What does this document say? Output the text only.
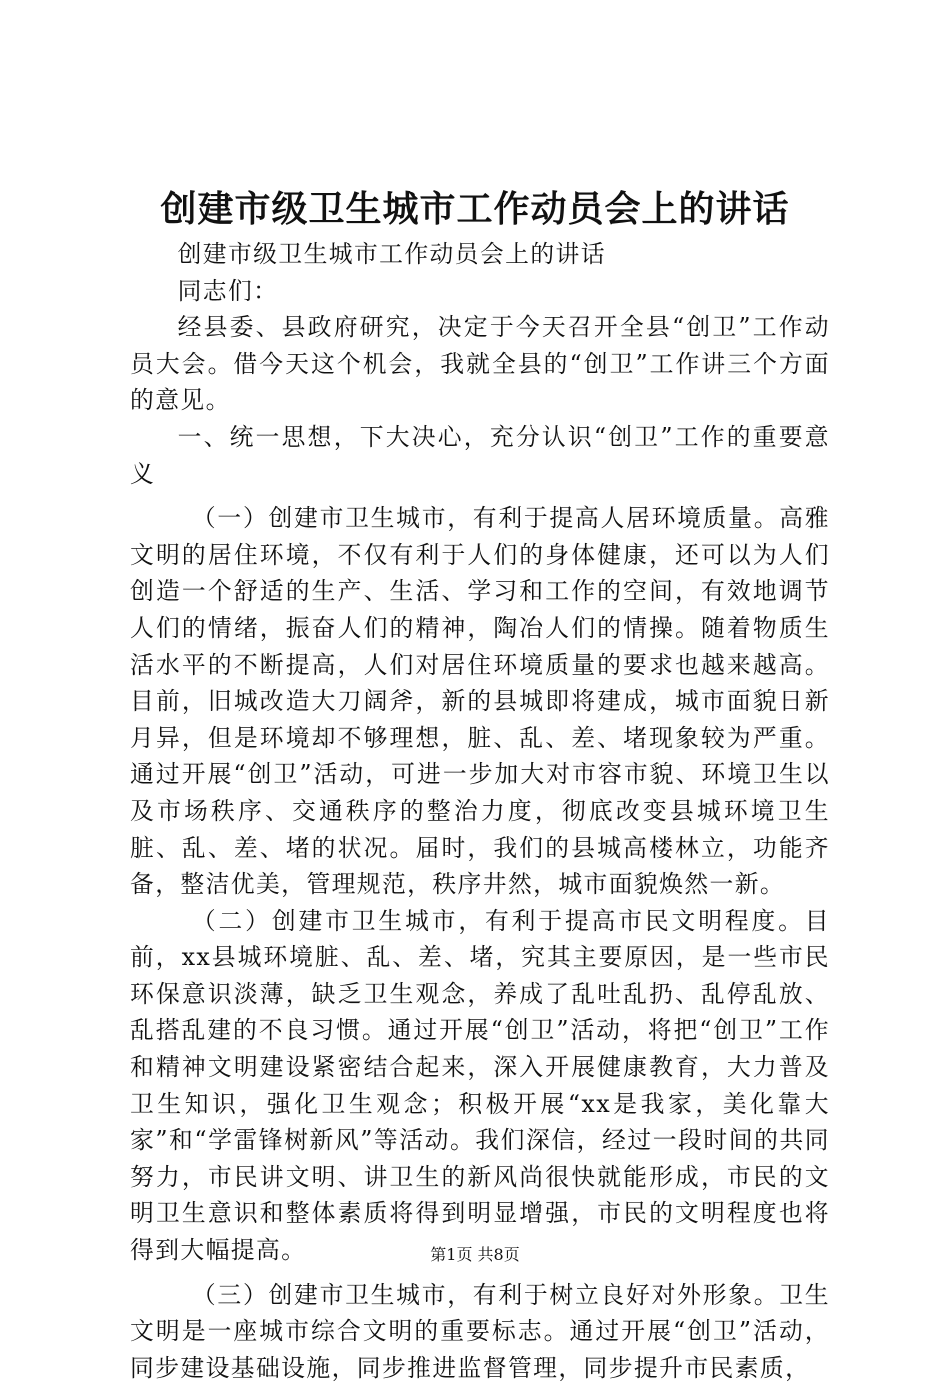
创建市级卫生城市工作动员会上的讲话

创建市级卫生城市工作动员会上的讲话

同志们：

经县委、县政府研究，决定于今天召开全县“创卫”工作动员大会。借今天这个机会，我就全县的“创卫”工作讲三个方面的意见。

一、统一思想，下大决心，充分认识“创卫”工作的重要意义

（一）创建市卫生城市，有利于提高人居环境质量。高雅文明的居住环境，不仅有利于人们的身体健康，还可以为人们创造一个舒适的生产、生活、学习和工作的空间，有效地调节人们的情绪，振奋人们的精神，陶冶人们的情操。随着物质生活水平的不断提高，人们对居住环境质量的要求也越来越高。目前，旧城改造大刀阔斧，新的县城即将建成，城市面貌日新月异，但是环境却不够理想，脏、乱、差、堵现象较为严重。通过开展“创卫”活动，可进一步加大对市容市貌、环境卫生以及市场秩序、交通秩序的整治力度，彻底改变县城环境卫生脏、乱、差、堵的状况。届时，我们的县城高楼林立，功能齐备，整洁优美，管理规范，秩序井然，城市面貌焕然一新。

（二）创建市卫生城市，有利于提高市民文明程度。目前，xx县城环境脏、乱、差、堵，究其主要原因，是一些市民环保意识淡薄，缺乏卫生观念，养成了乱吐乱扔、乱停乱放、乱搭乱建的不良习惯。通过开展“创卫”活动，将把“创卫”工作和精神文明建设紧密结合起来，深入开展健康教育，大力普及卫生知识，强化卫生观念；积极开展“xx是我家，美化靠大家”和“学雷锋树新风”等活动。我们深信，经过一段时间的共同努力，市民讲文明、讲卫生的新风尚很快就能形成，市民的文明卫生意识和整体素质将得到明显增强，市民的文明程度也将得到大幅提高。

（三）创建市卫生城市，有利于树立良好对外形象。卫生文明是一座城市综合文明的重要标志。通过开展“创卫”活动，同步建设基础设施，同步推进监督管理，同步提升市民素质，

第1页 共8页
